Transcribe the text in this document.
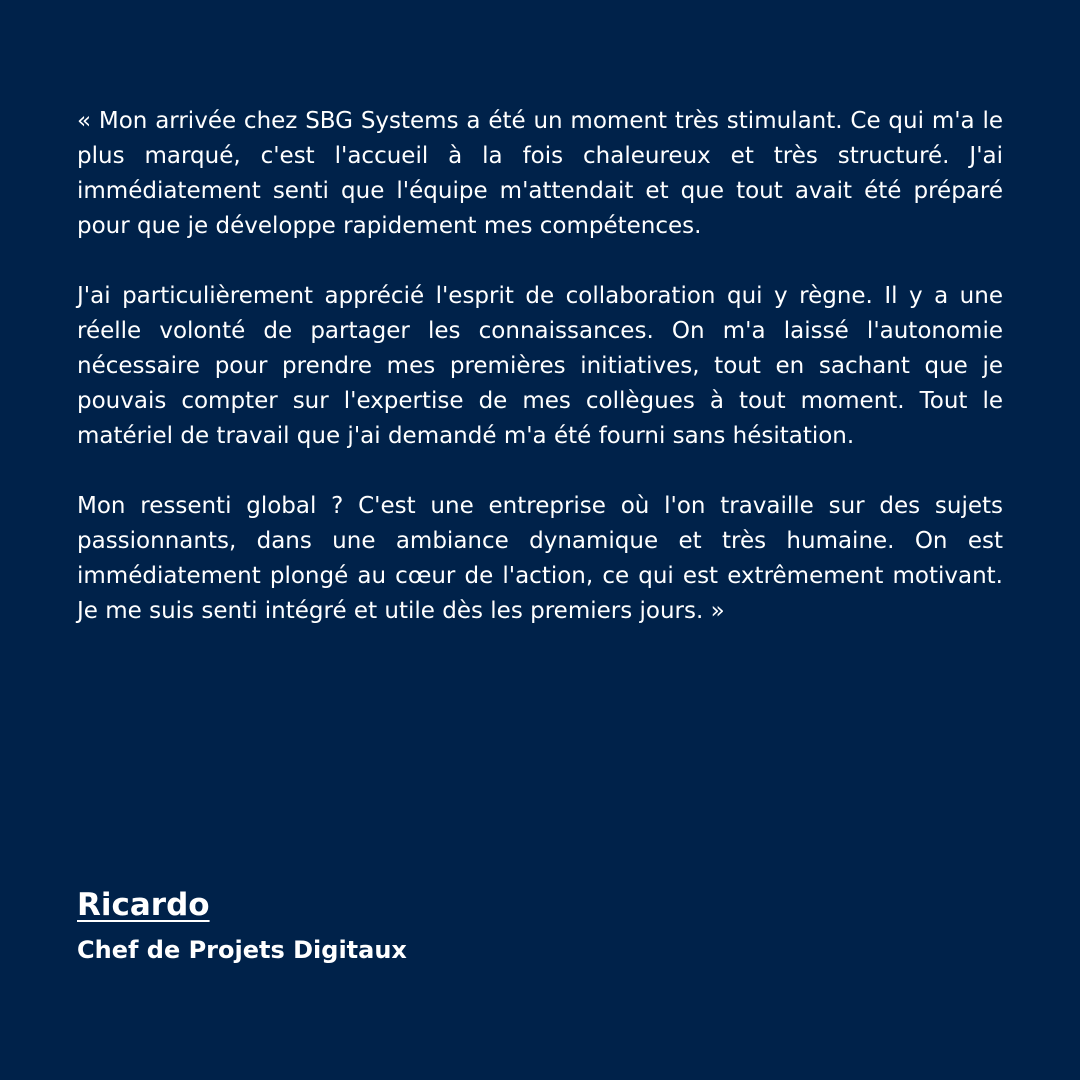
« Mon arrivée chez SBG Systems a été un moment très stimulant. Ce qui m'a le plus marqué, c'est l'accueil à la fois chaleureux et très structuré. J'ai immédiatement senti que l'équipe m'attendait et que tout avait été préparé pour que je développe rapidement mes compétences.

J'ai particulièrement apprécié l'esprit de collaboration qui y règne. Il y a une réelle volonté de partager les connaissances. On m'a laissé l'autonomie nécessaire pour prendre mes premières initiatives, tout en sachant que je pouvais compter sur l'expertise de mes collègues à tout moment. Tout le matériel de travail que j'ai demandé m'a été fourni sans hésitation.

Mon ressenti global ? C'est une entreprise où l'on travaille sur des sujets passionnants, dans une ambiance dynamique et très humaine. On est immédiatement plongé au cœur de l'action, ce qui est extrêmement motivant. Je me suis senti intégré et utile dès les premiers jours. »

Ricardo
Chef de Projets Digitaux
